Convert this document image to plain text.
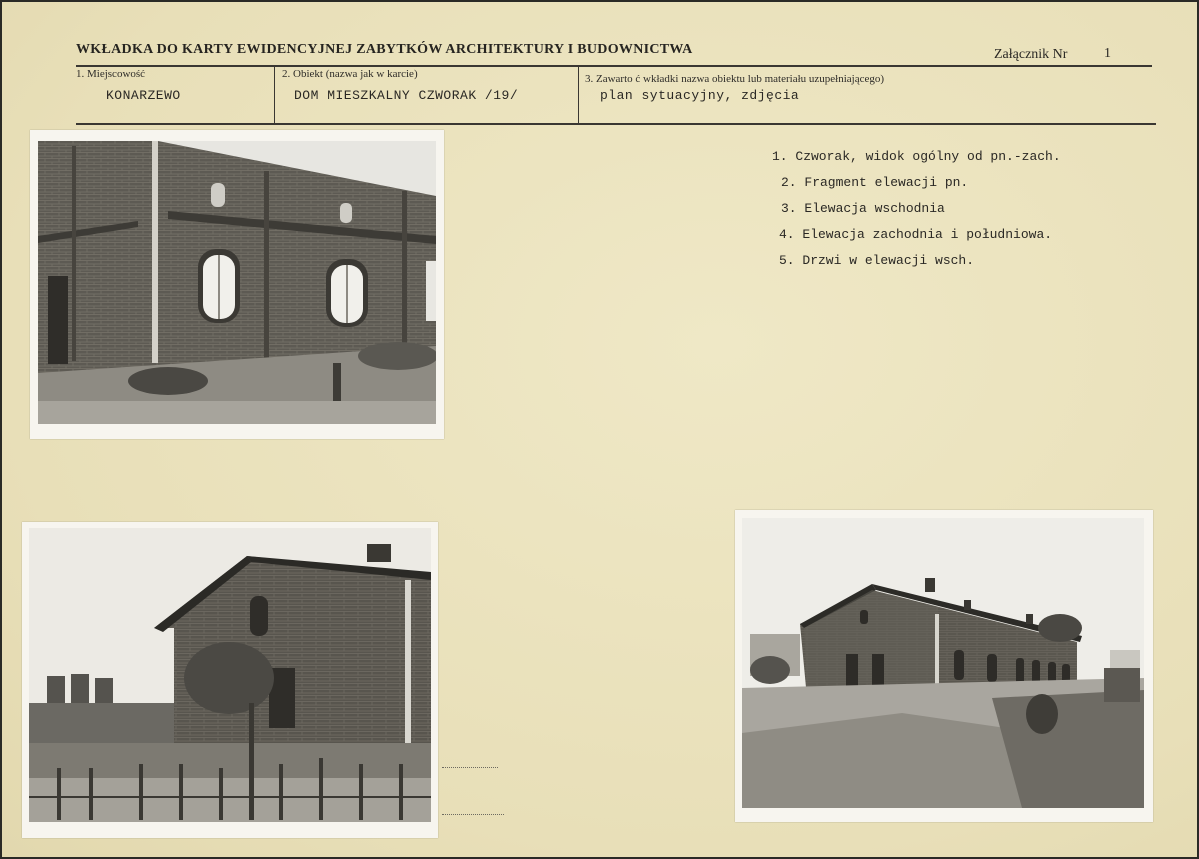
WKŁADKA DO KARTY EWIDENCYJNEJ ZABYTKÓW ARCHITEKTURY I BUDOWNICTWA	Załącznik Nr	1
1. Miejscowość
KONARZEWO
2. Obiekt (nazwa jak w karcie)
DOM MIESZKALNY CZWORAK /19/
3. Zawarto ć wkładki nazwa obiektu lub materiału uzupełniającego)
plan sytuacyjny, zdjęcia
1. Czworak, widok ogólny od pn.-zach.
2. Fragment elewacji pn.
3. Elewacja wschodnia
4. Elewacja zachodnia i południowa.
5. Drzwi w elewacji wsch.
